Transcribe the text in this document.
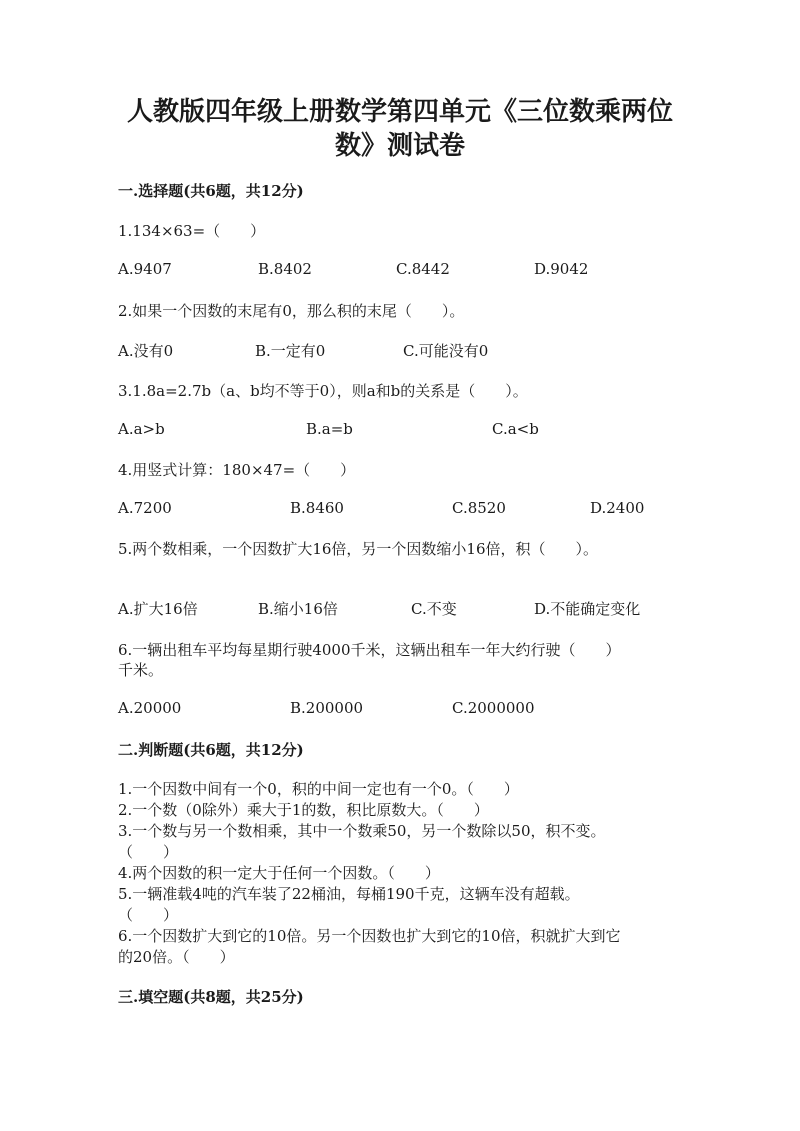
人教版四年级上册数学第四单元《三位数乘两位
数》测试卷
一.选择题(共6题，共12分)
1.134×63=（　　）
A.9407	B.8402	C.8442	D.9042
2.如果一个因数的末尾有0，那么积的末尾（　　）。
A.没有0	B.一定有0	C.可能没有0
3.1.8a=2.7b（a、b均不等于0），则a和b的关系是（　　）。
A.a>b	B.a=b	C.a<b
4.用竖式计算：180×47=（　　）
A.7200	B.8460	C.8520	D.2400
5.两个数相乘，一个因数扩大16倍，另一个因数缩小16倍，积（　　）。
A.扩大16倍	B.缩小16倍	C.不变	D.不能确定变化
6.一辆出租车平均每星期行驶4000千米，这辆出租车一年大约行驶（　　）
千米。
A.20000	B.200000	C.2000000
二.判断题(共6题，共12分)
1.一个因数中间有一个0，积的中间一定也有一个0。（　　）
2.一个数（0除外）乘大于1的数，积比原数大。（　　）
3.一个数与另一个数相乘，其中一个数乘50，另一个数除以50，积不变。
（　　）
4.两个因数的积一定大于任何一个因数。（　　）
5.一辆准载4吨的汽车装了22桶油，每桶190千克，这辆车没有超载。
（　　）
6.一个因数扩大到它的10倍。另一个因数也扩大到它的10倍，积就扩大到它
的20倍。（　　）
三.填空题(共8题，共25分)
